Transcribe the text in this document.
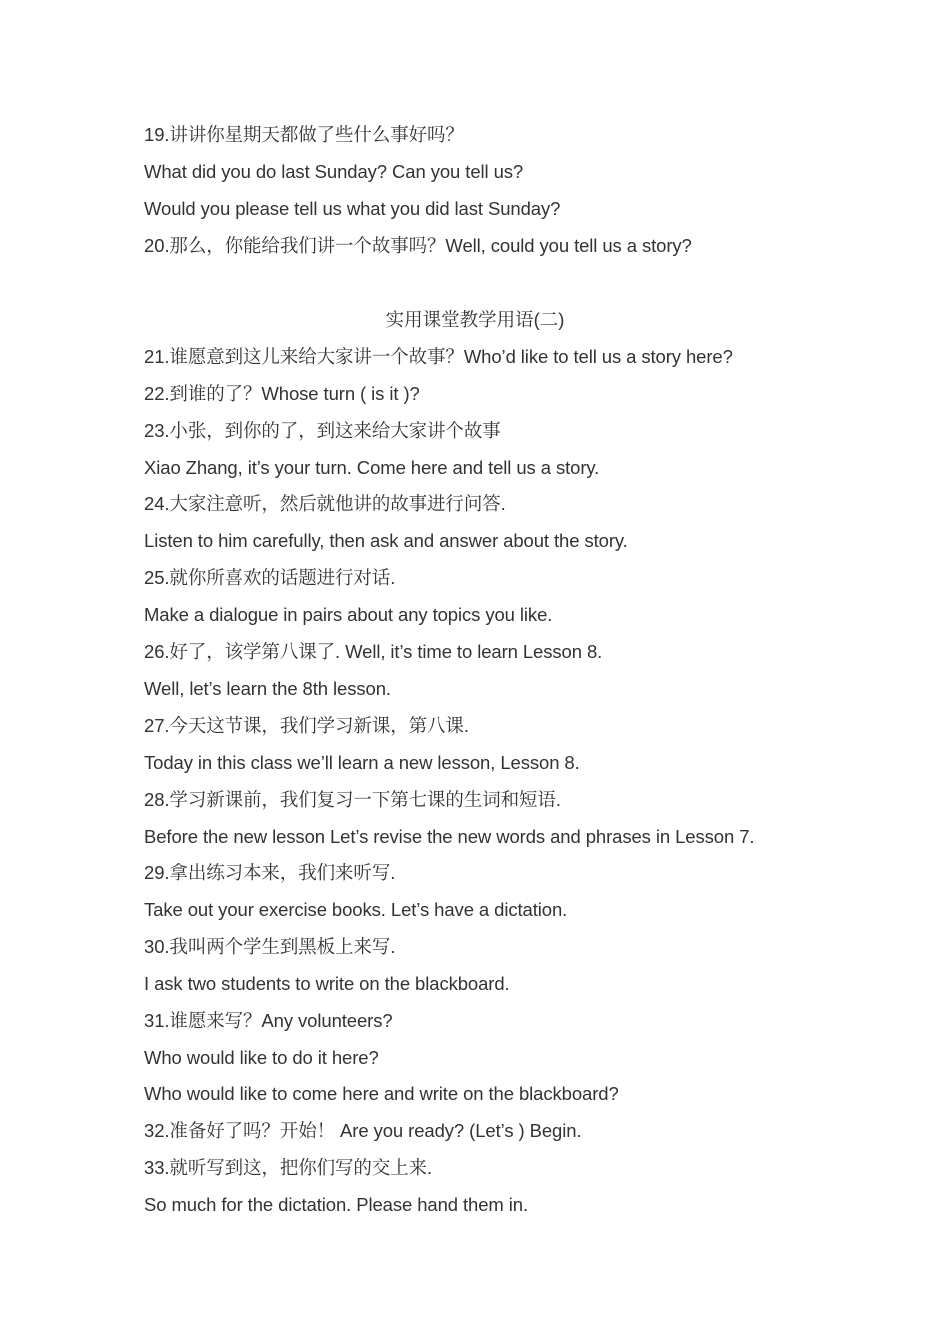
19.讲讲你星期天都做了些什么事好吗？
What did you do last Sunday? Can you tell us?
Would you please tell us what you did last Sunday?
20.那么，你能给我们讲一个故事吗？Well, could you tell us a story?
实用课堂教学用语(二)
21.谁愿意到这儿来给大家讲一个故事？Who’d like to tell us a story here?
22.到谁的了？Whose turn ( is it )?
23.小张，到你的了，到这来给大家讲个故事
Xiao Zhang, it’s your turn. Come here and tell us a story.
24.大家注意听，然后就他讲的故事进行问答.
Listen to him carefully, then ask and answer about the story.
25.就你所喜欢的话题进行对话.
Make a dialogue in pairs about any topics you like.
26.好了，该学第八课了. Well, it’s time to learn Lesson 8.
Well, let’s learn the 8th lesson.
27.今天这节课，我们学习新课，第八课.
Today in this class we’ll learn a new lesson, Lesson 8.
28.学习新课前，我们复习一下第七课的生词和短语.
Before the new lesson Let’s revise the new words and phrases in Lesson 7.
29.拿出练习本来，我们来听写.
Take out your exercise books. Let’s have a dictation.
30.我叫两个学生到黑板上来写.
I ask two students to write on the blackboard.
31.谁愿来写？Any volunteers?
Who would like to do it here?
Who would like to come here and write on the blackboard?
32.准备好了吗？开始！ Are you ready? (Let’s ) Begin.
33.就听写到这，把你们写的交上来.
So much for the dictation. Please hand them in.
